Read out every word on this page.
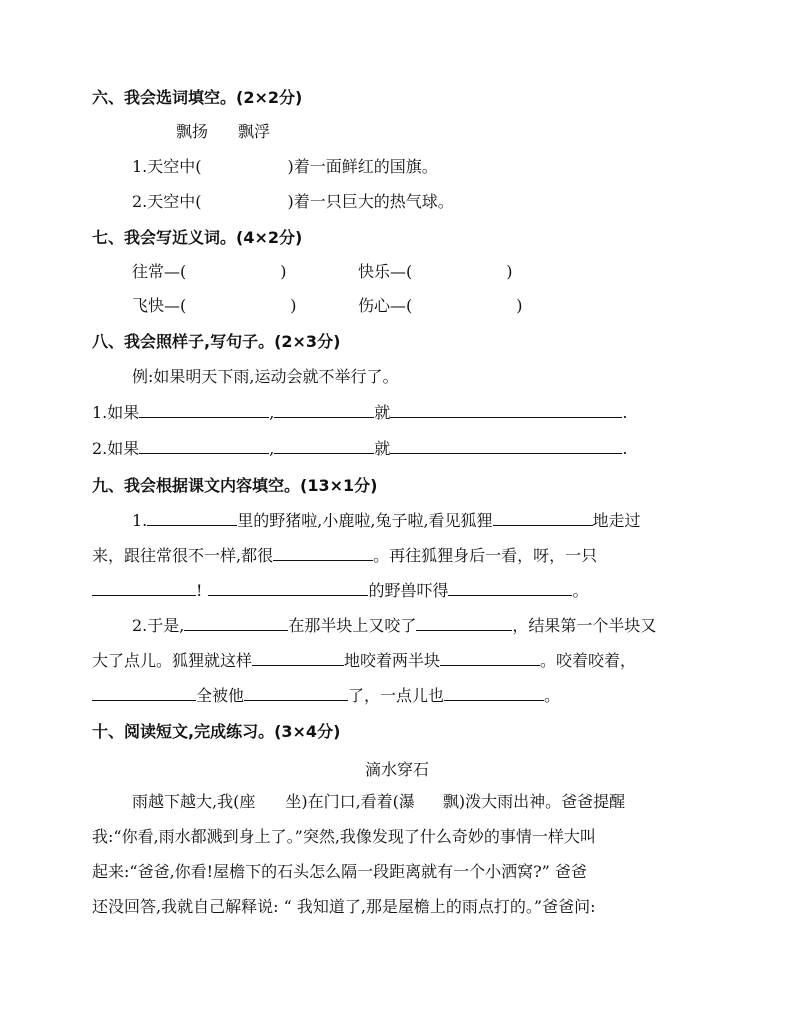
六、我会选词填空。(2×2分)
飘扬 飘浮
1.天空中(	)着一面鲜红的国旗。
2.天空中(	)着一只巨大的热气球。
七、我会写近义词。(4×2分)
往常—(	)	快乐—(	)
飞快—(	)	伤心—(	)
八、我会照样子,写句子。(2×3分)
例:如果明天下雨,运动会就不举行了。
1.如果	,	就	.
2.如果	,	就	.
九、我会根据课文内容填空。(13×1分)
1.	里的野猪啦,小鹿啦,兔子啦,看见狐狸	地走过
来，跟往常很不一样,都很	。再往狐狸身后一看，呀，一只
!	的野兽吓得	。
2.于是,	在那半块上又咬了	，结果第一个半块又
大了点儿。狐狸就这样	地咬着两半块	。咬着咬着，
全被他	了，一点儿也	。
十、阅读短文,完成练习。(3×4分)
滴水穿石
雨越下越大,我(座 坐)在门口,看着(瀑 飘)泼大雨出神。爸爸提醒
我:“你看,雨水都溅到身上了。”突然,我像发现了什么奇妙的事情一样大叫
起来:“爸爸,你看!屋檐下的石头怎么隔一段距离就有一个小洒窝?” 爸爸
还没回答,我就自己解释说: “ 我知道了,那是屋檐上的雨点打的。”爸爸问:
